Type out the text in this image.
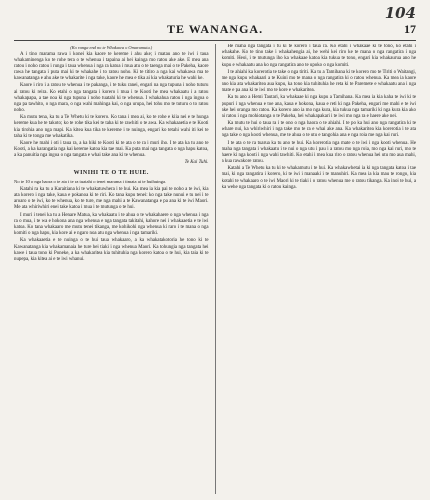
104
TE WANANGA.	17

(Ko ranga end no te Whakawa o Omarumutu.)

A i tino marama rawa i konei kia kaore te kereme i ahu ake; i matau ano te iwi i taua whakaminenga ko te rohe tera o te whenua i tapaina ai hei kainga mo ratou ake ake. E mea ana ratou i noho ratou i runga i taua whenua i nga ra katoa i mua atu o te taenga mai o te Pakeha, kaore rawa he tangata i puta mai ki te whakahe i to ratou noho. Ki te titiro a nga kai whakawa ma te kawanatanga e ahu ake te whakarite i nga take, kaore he mea e tika ai kia whakaturia he wahi ke.

Kaore i riro i a ratou te whenua i te pakanga, i te tuku ranei, engari na nga tupuna i noho tuturu ai ratou ki reira. Ko etahi o nga tangata i korero i mua i te Kooti he mea whakaatu i a ratou whakapapa, a tae noa ki nga tupuna i noho tuatahi ki te whenua. I whakahua ratou i nga ingoa o nga pa tawhito, o nga mara, o nga wahi mahinga kai, o nga urupa, hei tohu mo te tuturu o to ratou noho.

Ka mutu tena, ka tu a Te Whetu ki te korero. Ko tana i mea ai, ko te rohe e kiia nei e te hunga kereme kua he te takoto; ko te rohe tika kei te taha ki te rawhiti o te awa. Ka whakaaetia e te Kooti kia tirohia ano nga mapi. Ka kitea kua tika te kereme i te nuinga, engari ko tetahi wahi iti kei te taha ki te tonga me whakatika.

Kaore he mahi i oti i taua ra, a ka hiki te Kooti ki te ata o te ra i muri iho. I te ata ka tu ano te Kooti, a ka karangatia nga kai kereme katoa kia tae mai. Ka puta mai nga tangata o nga hapu katoa, a ka panuitia nga ingoa o nga tangata e whai take ana ki te whenua.

Te Kai Tuhi.

WINIHI TE O TE HUIE.

No te 10 o nga haora o te ata i te ra tuatahi o tenei marama i timata ai te huihuinga.

Katahi ra ka tu a Karaitiana ki te whakatuwhera i te hui. Ka mea ia kia pai te noho a te iwi, kia ata korero i nga take, kaua e pokanoa ki te riri. Ko tana kupu tenei: ko nga take nunui e tu nei i te aroaro o te iwi, ko te whenua, ko te ture, me nga mahi a te Kawanatanga e pa ana ki te iwi Maori. Me ata whiriwhiri enei take katoa i mua i te mutunga o te hui.

I muri i tenei ka tu a Henare Matua, ka whakaatu i te ahua o te whakahaere o nga whenua i nga ra o mua, i te wa e hokona ana nga whenua e nga tangata takitahi, kahore nei i whakaaetia e te iwi katoa. Ko tana whakaaro me mutu tenei tikanga, me kohikohi nga whenua ki raro i te mana o nga komiti o nga hapu, kia kore ai e ngaro noa atu nga whenua i nga tamariki.

Ka whakaaetia e te nuinga o te hui taua whakaaro, a ka whakatakotoria he tono ki te Kawanatanga kia whakamanaia he ture hei tiaki i nga whenua Maori. Ka tohungia nga tangata hei kawe i taua tono ki Poneke, a ka whakaritea kia tuhituhia nga korero katoa o te hui, kia taia ki te nupepa, kia kitea ai e te iwi whanui.

He maha nga tangata i tu ki te korero i taua ra. Ko etahi i whakaae ki te tono, ko etahi i whakahe. Ko te tino take i whakahengia ai, he wehi kei riro ke te mana o nga rangatira i nga komiti. Heoi, i te mutunga iho ka whakaae katoa kia tukua te tono, engari kia whakaurua ano he kupu e whakaatu ana ko nga rangatira ano te upoko o nga komiti.

I te ahiahi ka korerotia te take o nga tiriti. Ka tu a Tamihana ki te korero mo te Tiriti o Waitangi, me nga kupu whakaari a te Kuini mo te mana o nga rangatira ki o ratou whenua. Ka mea ia kaore ano kia ata whakaritea aua kupu, ka tono kia tuhituhia he reta ki te Paremete e whakaatu ana i nga mate e pa ana ki te iwi mo te kore e whakaritea.

Ka tu ano a Hemi Tautari, ka whakaae ki nga kupu a Tamihana. Ka mea ia kia kaha te iwi ki te pupuri i nga whenua e toe ana, kaua e hokona, kaua e reti ki nga Pakeha, engari me mahi e te iwi ake hei oranga mo ratou. Ka korero ano ia mo nga kura, kia tukua nga tamariki ki nga kura kia ako ai ratou i nga mohiotanga o te Pakeha, hei whakapakari i te iwi mo nga ra e haere ake nei.

Ka mutu te hui o taua ra i te ono o nga haora o te ahiahi. I te po ka hui ano nga rangatira ki te whare nui, ka whiriwhiri i nga take mo te ra e whai ake ana. Ka whakaritea kia korerotia i te ata nga take o nga kooti whenua, me te ahua o te utu e tangohia ana e nga roia me nga kai ruri.

I te ata o te ra tuarua ka tu ano te hui. Ka korerotia nga mate o te iwi i nga kooti whenua. He maha nga tangata i whakaatu i te nui o nga utu i pau i a ratou mo nga roia, mo nga kai ruri, mo te haere ki nga kooti i nga wahi tawhiti. Ko etahi i mea kua riro o ratou whenua hei utu mo aua mahi, a kua rawakore ratou.

Katahi a Te Whetu ka tu ki te whakamutu i te hui. Ka whakawhetai ia ki nga tangata katoa i tae mai, ki nga rangatira i korero, ki te iwi i manaaki i te manuhiri. Ka mea ia kia mau te rongo, kia kotahi te whakaaro o te iwi Maori ki te tiaki i o ratou whenua me o ratou tikanga. Ka inoi te hui, a ka wehe nga tangata ki o ratou kainga.
